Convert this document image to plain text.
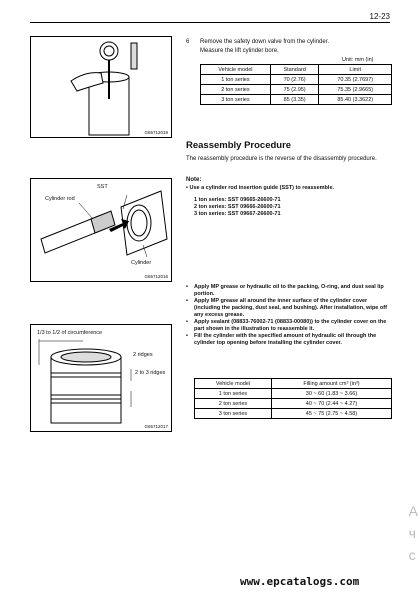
12-23
G65712019
6 Remove the safety down valve from the cylinder.
Measure the lift cylinder bore.
Unit: mm (in)
Vehicle model	Standard	Limit
1 ton series	70 (2.76)	70.35 (2.7697)
2 ton series	75 (2.95)	75.35 (2.9665)
3 ton series	85 (3.35)	85.40 (3.3622)
Reassembly Procedure
The reassembly procedure is the reverse of the disassembly procedure.
Note:
• Use a cylinder rod insertion guide (SST) to reassemble.
1 ton series: SST 09665-26600-71
2 ton series: SST 09666-26600-71
3 ton series: SST 09667-26600-71
SST
Cylinder rod
Cylinder
G65712016
1/3 to 1/2 of circumference
2 ridges
2 to 3 ridges
G65712017
• Apply MP grease or hydraulic oil to the packing, O-ring, and dust seal lip portion.
• Apply MP grease all around the inner surface of the cylinder cover (including the packing, dust seal, and bushing). After installation, wipe off any excess grease.
• Apply sealant (08833-76002-71 (08833-00080)) to the cylinder cover on the part shown in the illustration to reassemble it.
• Fill the cylinder with the specified amount of hydraulic oil through the cylinder top opening before installing the cylinder cover.
Vehicle model	Filling amount cm³ (in³)
1 ton series	30 ~ 60 (1.83 ~ 3.66)
2 ton series	40 ~ 70 (2.44 ~ 4.27)
3 ton series	45 ~ 75 (2.75 ~ 4.58)
A
ч
с
www.epcatalogs.com
